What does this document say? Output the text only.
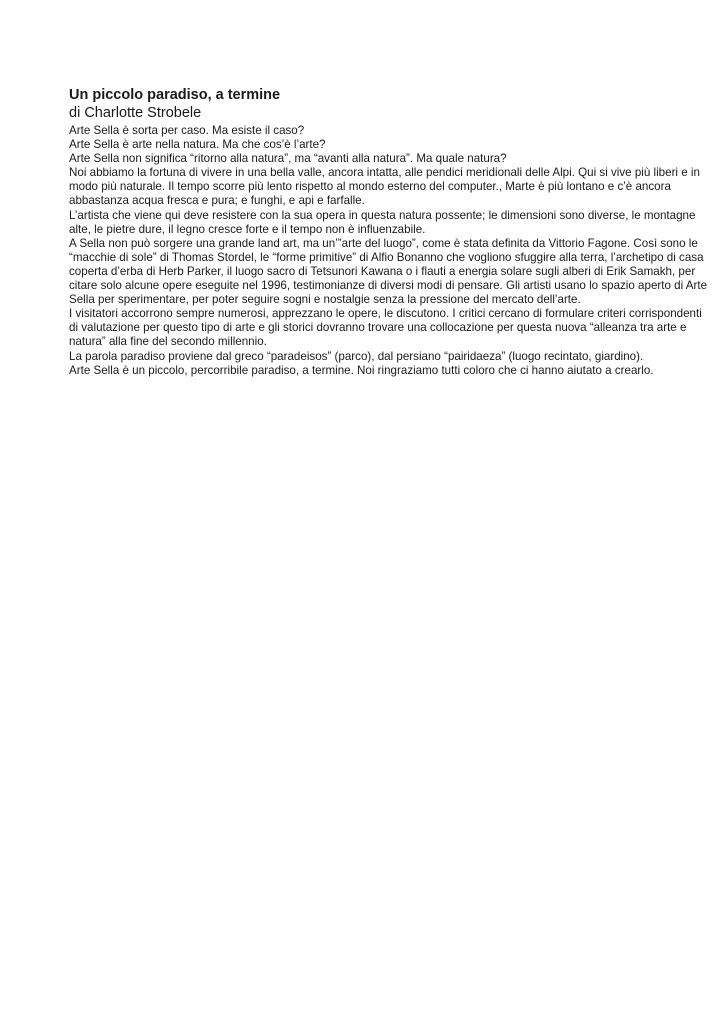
Un piccolo paradiso, a termine
di Charlotte Strobele

Arte Sella è sorta per caso. Ma esiste il caso?

Arte Sella è arte nella natura. Ma che cos’è l’arte?

Arte Sella non significa “ritorno alla natura”, ma “avanti alla natura”. Ma quale natura?

Noi abbiamo la fortuna di vivere in una bella valle, ancora intatta, alle pendici meridionali delle Alpi. Qui si vive più liberi e in modo più naturale. Il tempo scorre più lento rispetto al mondo esterno del computer., Marte è più lontano e c’è ancora abbastanza acqua fresca e pura; e funghi, e api e farfalle.

L’artista che viene qui deve resistere con la sua opera in questa natura possente; le dimensioni sono diverse, le montagne alte, le pietre dure, il legno cresce forte e il tempo non è influenzabile.

A Sella non può sorgere una grande land art, ma un’”arte del luogo”, come è stata definita da Vittorio Fagone. Così sono le “macchie di sole” di Thomas Stordel, le “forme primitive” di Alfio Bonanno che vogliono sfuggire alla terra, l’archetipo di casa coperta d’erba di Herb Parker, il luogo sacro di Tetsunori Kawana o i flauti a energia solare sugli alberi di Erik Samakh, per citare solo alcune opere eseguite nel 1996, testimonianze di diversi modi di pensare. Gli artisti usano lo spazio aperto di Arte Sella per sperimentare, per poter seguire sogni e nostalgie senza la pressione del mercato dell’arte.

I visitatori accorrono sempre numerosi, apprezzano le opere, le discutono. I critici cercano di formulare criteri corrispondenti di valutazione per questo tipo di arte e gli storici dovranno trovare una collocazione per questa nuova “alleanza tra arte e natura” alla fine del secondo millennio.

La parola paradiso proviene dal greco “paradeisos” (parco), dal persiano “pairidaeza” (luogo recintato, giardino).

Arte Sella è un piccolo, percorribile paradiso, a termine. Noi ringraziamo tutti coloro che ci hanno aiutato a crearlo.
